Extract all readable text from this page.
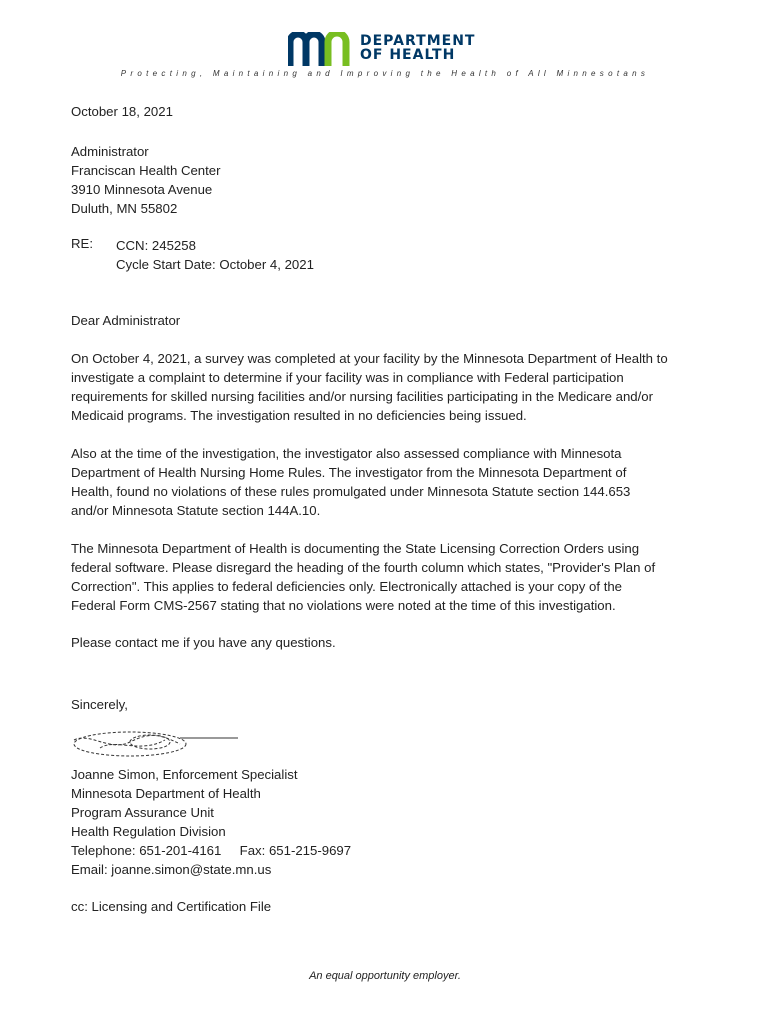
DEPARTMENT
OF HEALTH
Protecting, Maintaining and Improving the Health of All Minnesotans
October 18, 2021
Administrator
Franciscan Health Center
3910 Minnesota Avenue
Duluth, MN 55802
RE: CCN: 245258
Cycle Start Date: October 4, 2021
Dear Administrator
On October 4, 2021, a survey was completed at your facility by the Minnesota Department of Health to
investigate a complaint to determine if your facility was in compliance with Federal participation
requirements for skilled nursing facilities and/or nursing facilities participating in the Medicare and/or
Medicaid programs. The investigation resulted in no deficiencies being issued.
Also at the time of the investigation, the investigator also assessed compliance with Minnesota
Department of Health Nursing Home Rules. The investigator from the Minnesota Department of
Health, found no violations of these rules promulgated under Minnesota Statute section 144.653
and/or Minnesota Statute section 144A.10.
The Minnesota Department of Health is documenting the State Licensing Correction Orders using
federal software. Please disregard the heading of the fourth column which states, "Provider's Plan of
Correction". This applies to federal deficiencies only. Electronically attached is your copy of the
Federal Form CMS-2567 stating that no violations were noted at the time of this investigation.
Please contact me if you have any questions.
Sincerely,
Joanne Simon, Enforcement Specialist
Minnesota Department of Health
Program Assurance Unit
Health Regulation Division
Telephone: 651-201-4161     Fax: 651-215-9697
Email: joanne.simon@state.mn.us
cc: Licensing and Certification File
An equal opportunity employer.
